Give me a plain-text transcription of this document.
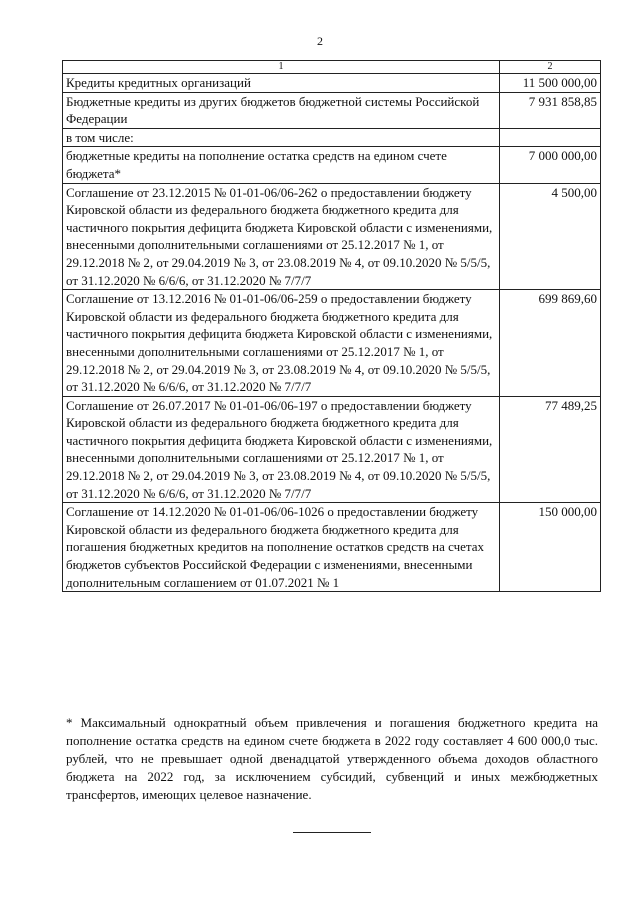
2
1	2
Кредиты кредитных организаций	11 500 000,00
Бюджетные кредиты из других бюджетов бюджетной системы Российской Федерации	7 931 858,85
в том числе:	
бюджетные кредиты на пополнение остатка средств на едином счете бюджета*	7 000 000,00
Соглашение от 23.12.2015 № 01-01-06/06-262 о предоставлении бюджету Кировской области из федерального бюджета бюджетного кредита для частичного покрытия дефицита бюджета Кировской области с изменениями, внесенными дополнительными соглашениями от 25.12.2017 № 1, от 29.12.2018 № 2, от 29.04.2019 № 3, от 23.08.2019 № 4, от 09.10.2020 № 5/5/5, от 31.12.2020 № 6/6/6, от 31.12.2020 № 7/7/7	4 500,00
Соглашение от 13.12.2016 № 01-01-06/06-259 о предоставлении бюджету Кировской области из федерального бюджета бюджетного кредита для частичного покрытия дефицита бюджета Кировской области с изменениями, внесенными дополнительными соглашениями от 25.12.2017 № 1, от 29.12.2018 № 2, от 29.04.2019 № 3, от 23.08.2019 № 4, от 09.10.2020 № 5/5/5, от 31.12.2020 № 6/6/6, от 31.12.2020 № 7/7/7	699 869,60
Соглашение от 26.07.2017 № 01-01-06/06-197 о предоставлении бюджету Кировской области из федерального бюджета бюджетного кредита для частичного покрытия дефицита бюджета Кировской области с изменениями, внесенными дополнительными соглашениями от 25.12.2017 № 1, от 29.12.2018 № 2, от 29.04.2019 № 3, от 23.08.2019 № 4, от 09.10.2020 № 5/5/5, от 31.12.2020 № 6/6/6, от 31.12.2020 № 7/7/7	77 489,25
Соглашение от 14.12.2020 № 01-01-06/06-1026 о предоставлении бюджету Кировской области из федерального бюджета бюджетного кредита для погашения бюджетных кредитов на пополнение остатков средств на счетах бюджетов субъектов Российской Федерации с изменениями, внесенными дополнительным соглашением от 01.07.2021 № 1	150 000,00
* Максимальный однократный объем привлечения и погашения бюджетного кредита на пополнение остатка средств на едином счете бюджета в 2022 году составляет 4 600 000,0 тыс. рублей, что не превышает одной двенадцатой утвержденного объема доходов областного бюджета на 2022 год, за исключением субсидий, субвенций и иных межбюджетных трансфертов, имеющих целевое назначение.
